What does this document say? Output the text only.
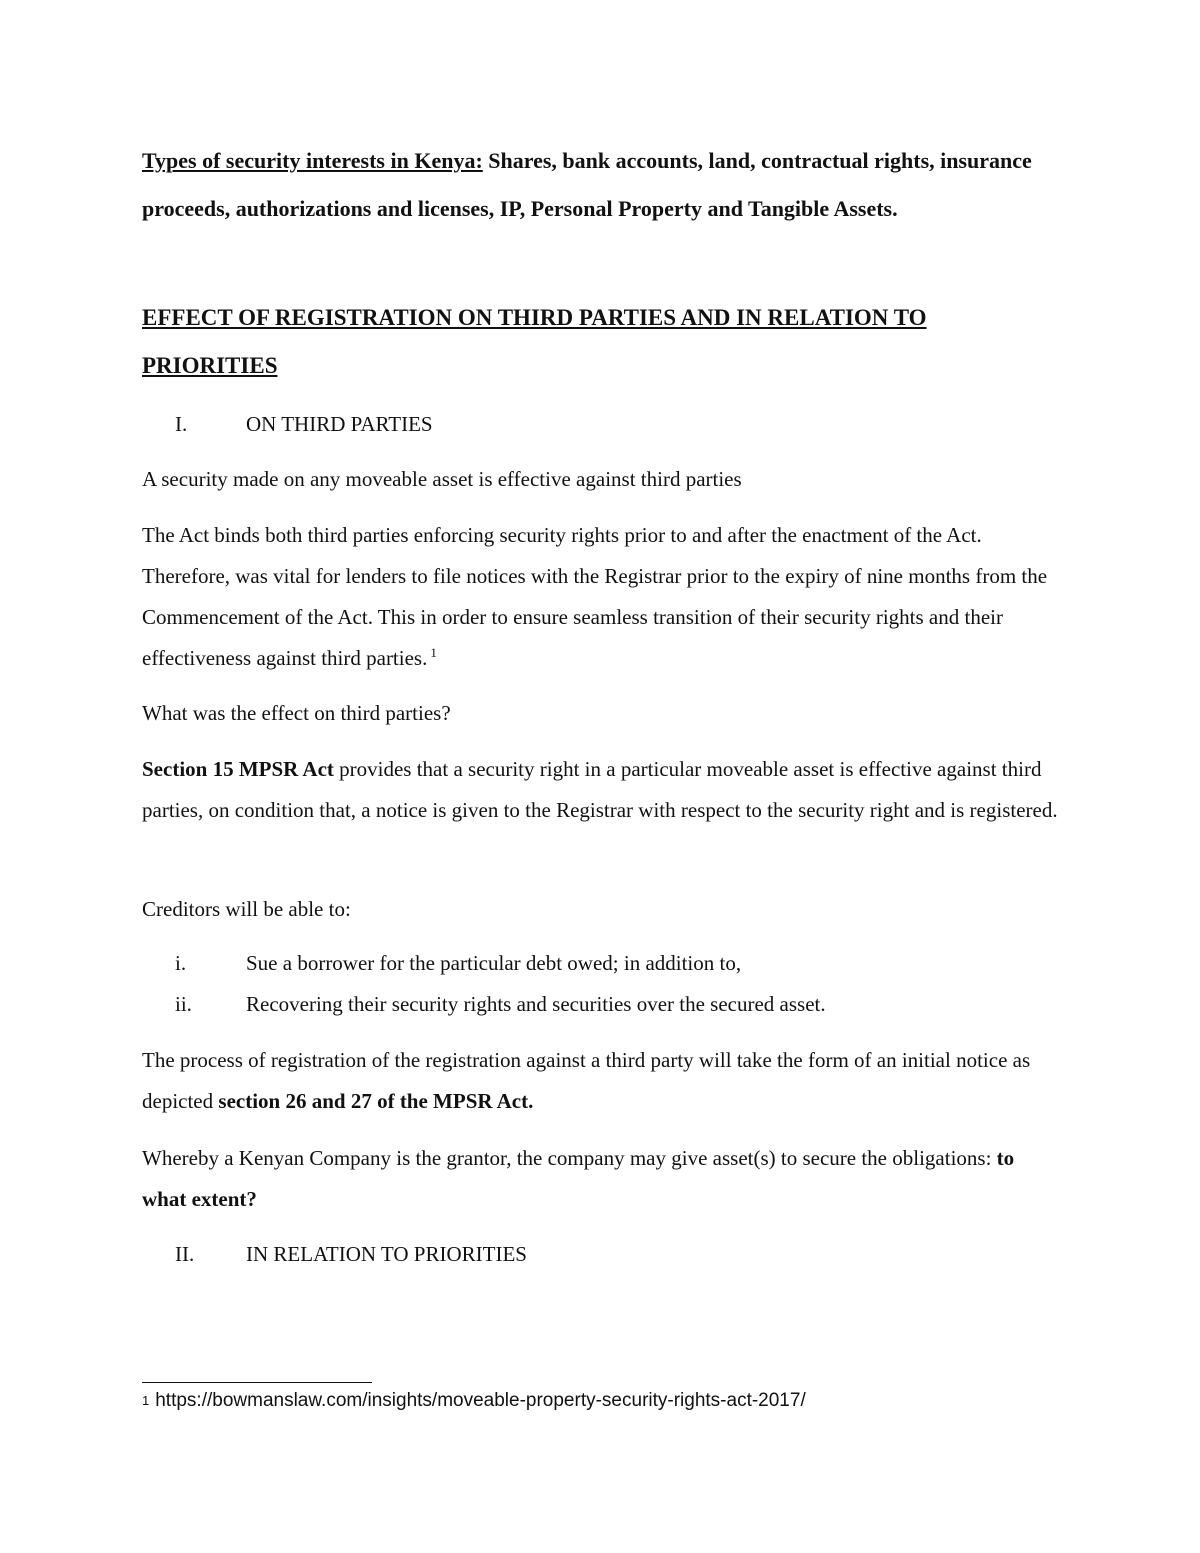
Types of security interests in Kenya: Shares, bank accounts, land, contractual rights, insurance proceeds, authorizations and licenses, IP, Personal Property and Tangible Assets.
EFFECT OF REGISTRATION ON THIRD PARTIES AND IN RELATION TO PRIORITIES
I.	ON THIRD PARTIES
A security made on any moveable asset is effective against third parties
The Act binds both third parties enforcing security rights prior to and after the enactment of the Act. Therefore, was vital for lenders to file notices with the Registrar prior to the expiry of nine months from the Commencement of the Act. This in order to ensure seamless transition of their security rights and their effectiveness against third parties. $^1$
What was the effect on third parties?
Section 15 MPSR Act provides that a security right in a particular moveable asset is effective against third parties, on condition that, a notice is given to the Registrar with respect to the security right and is registered.
Creditors will be able to:
i.	Sue a borrower for the particular debt owed; in addition to,
ii.	Recovering their security rights and securities over the secured asset.
The process of registration of the registration against a third party will take the form of an initial notice as depicted section 26 and 27 of the MPSR Act.
Whereby a Kenyan Company is the grantor, the company may give asset(s) to secure the obligations: to what extent?
II.	IN RELATION TO PRIORITIES
$^1$ https://bowmanslaw.com/insights/moveable-property-security-rights-act-2017/
